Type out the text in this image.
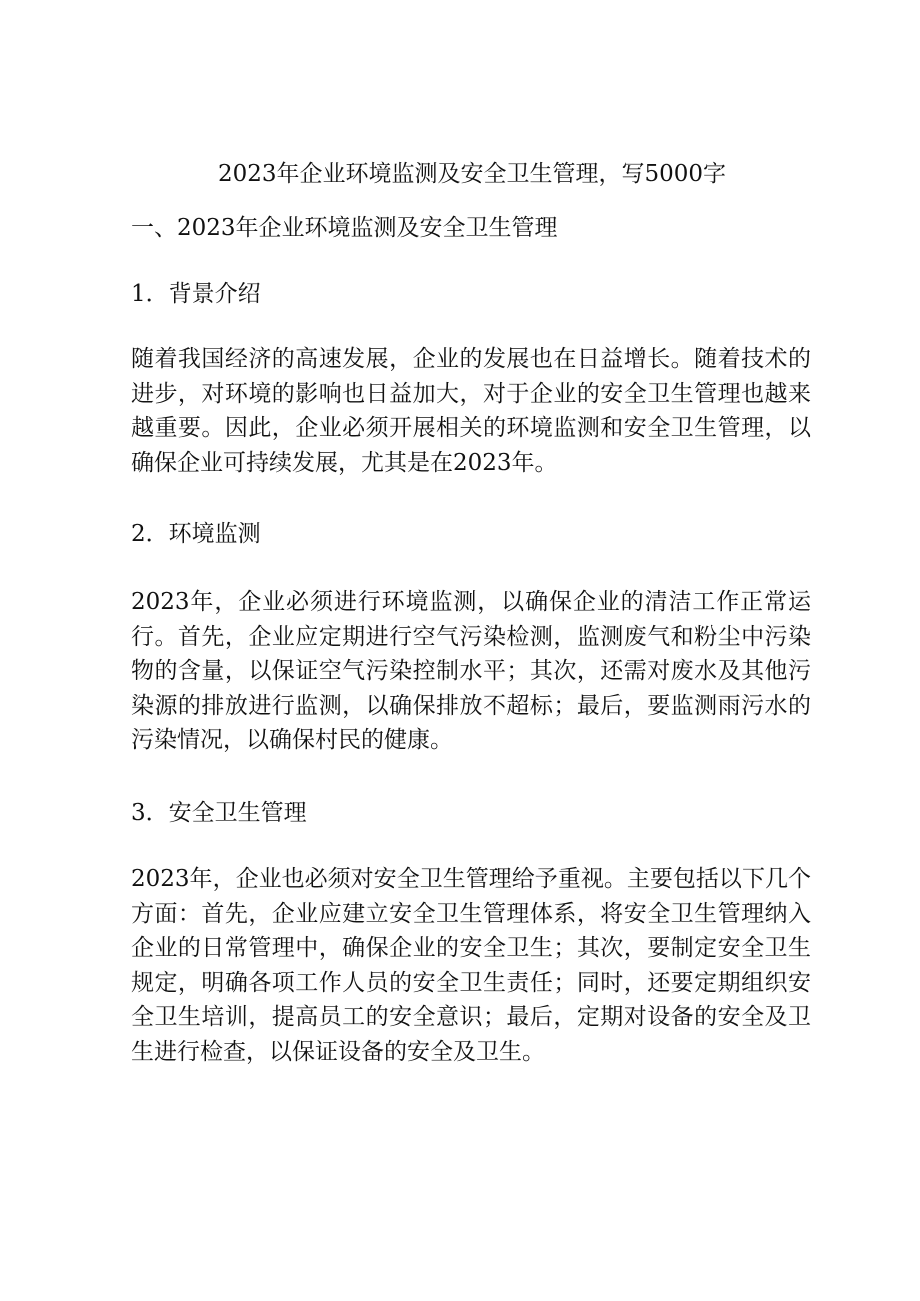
2023年企业环境监测及安全卫生管理，写5000字
一、2023年企业环境监测及安全卫生管理
1．背景介绍

随着我国经济的高速发展，企业的发展也在日益增长。随着技术的进步，对环境的影响也日益加大，对于企业的安全卫生管理也越来越重要。因此，企业必须开展相关的环境监测和安全卫生管理，以确保企业可持续发展，尤其是在2023年。

2．环境监测

2023年，企业必须进行环境监测，以确保企业的清洁工作正常运行。首先，企业应定期进行空气污染检测，监测废气和粉尘中污染物的含量，以保证空气污染控制水平；其次，还需对废水及其他污染源的排放进行监测，以确保排放不超标；最后，要监测雨污水的污染情况，以确保村民的健康。

3．安全卫生管理

2023年，企业也必须对安全卫生管理给予重视。主要包括以下几个方面：首先，企业应建立安全卫生管理体系，将安全卫生管理纳入企业的日常管理中，确保企业的安全卫生；其次，要制定安全卫生规定，明确各项工作人员的安全卫生责任；同时，还要定期组织安全卫生培训，提高员工的安全意识；最后，定期对设备的安全及卫生进行检查，以保证设备的安全及卫生。
